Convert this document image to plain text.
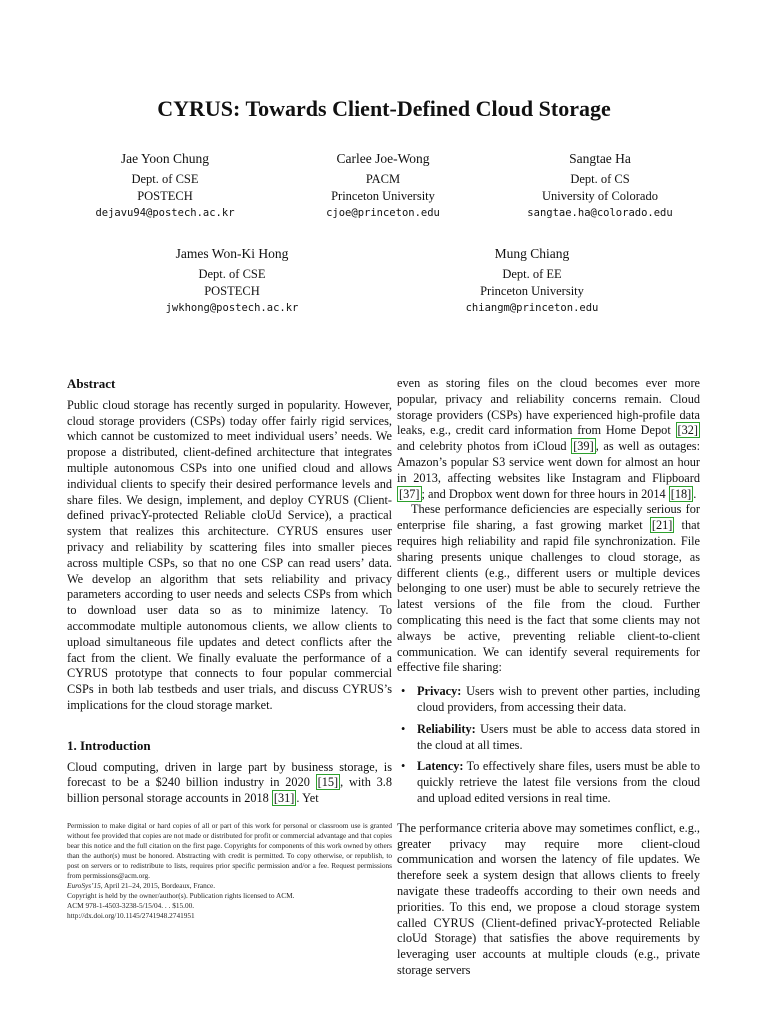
CYRUS: Towards Client-Defined Cloud Storage
Jae Yoon Chung
Dept. of CSE
POSTECH
dejavu94@postech.ac.kr
Carlee Joe-Wong
PACM
Princeton University
cjoe@princeton.edu
Sangtae Ha
Dept. of CS
University of Colorado
sangtae.ha@colorado.edu
James Won-Ki Hong
Dept. of CSE
POSTECH
jwkhong@postech.ac.kr
Mung Chiang
Dept. of EE
Princeton University
chiangm@princeton.edu
Abstract

Public cloud storage has recently surged in popularity. However, cloud storage providers (CSPs) today offer fairly rigid services, which cannot be customized to meet individual users’ needs. We propose a distributed, client-defined architecture that integrates multiple autonomous CSPs into one unified cloud and allows individual clients to specify their desired performance levels and share files. We design, implement, and deploy CYRUS (Client-defined privacY-protected Reliable cloUd Service), a practical system that realizes this architecture. CYRUS ensures user privacy and reliability by scattering files into smaller pieces across multiple CSPs, so that no one CSP can read users’ data. We develop an algorithm that sets reliability and privacy parameters according to user needs and selects CSPs from which to download user data so as to minimize latency. To accommodate multiple autonomous clients, we allow clients to upload simultaneous file updates and detect conflicts after the fact from the client. We finally evaluate the performance of a CYRUS prototype that connects to four popular commercial CSPs in both lab testbeds and user trials, and discuss CYRUS’s implications for the cloud storage market.

1. Introduction

Cloud computing, driven in large part by business storage, is forecast to be a $240 billion industry in 2020 [15] , with 3.8 billion personal storage accounts in 2018 [31] . Yet

Permission to make digital or hard copies of all or part of this work for personal or classroom use is granted without fee provided that copies are not made or distributed for profit or commercial advantage and that copies bear this notice and the full citation on the first page. Copyrights for components of this work owned by others than the author(s) must be honored. Abstracting with credit is permitted. To copy otherwise, or republish, to post on servers or to redistribute to lists, requires prior specific permission and/or a fee. Request permissions from permissions@acm.org.

EuroSys’15, April 21–24, 2015, Bordeaux, France.

Copyright is held by the owner/author(s). Publication rights licensed to ACM.

ACM 978-1-4503-3238-5/15/04. . . $15.00.

http://dx.doi.org/10.1145/2741948.2741951

even as storing files on the cloud becomes ever more popular, privacy and reliability concerns remain. Cloud storage providers (CSPs) have experienced high-profile data leaks, e.g., credit card information from Home Depot [32] and celebrity photos from iCloud [39] , as well as outages: Amazon’s popular S3 service went down for almost an hour in 2013, affecting websites like Instagram and Flipboard [37] ; and Dropbox went down for three hours in 2014 [18] .

These performance deficiencies are especially serious for enterprise file sharing, a fast growing market [21] that requires high reliability and rapid file synchronization. File sharing presents unique challenges to cloud storage, as different clients (e.g., different users or multiple devices belonging to one user) must be able to securely retrieve the latest versions of the file from the cloud. Further complicating this need is the fact that some clients may not always be active, preventing reliable client-to-client communication. We can identify several requirements for effective file sharing:

• Privacy: Users wish to prevent other parties, including cloud providers, from accessing their data.
• Reliability: Users must be able to access data stored in the cloud at all times.
• Latency: To effectively share files, users must be able to quickly retrieve the latest file versions from the cloud and upload edited versions in real time.

The performance criteria above may sometimes conflict, e.g., greater privacy may require more client-cloud communication and worsen the latency of file updates. We therefore seek a system design that allows clients to freely navigate these tradeoffs according to their own needs and priorities. To this end, we propose a cloud storage system called CYRUS (Client-defined privacY-protected Reliable cloUd Storage) that satisfies the above requirements by leveraging user accounts at multiple clouds (e.g., private storage servers
